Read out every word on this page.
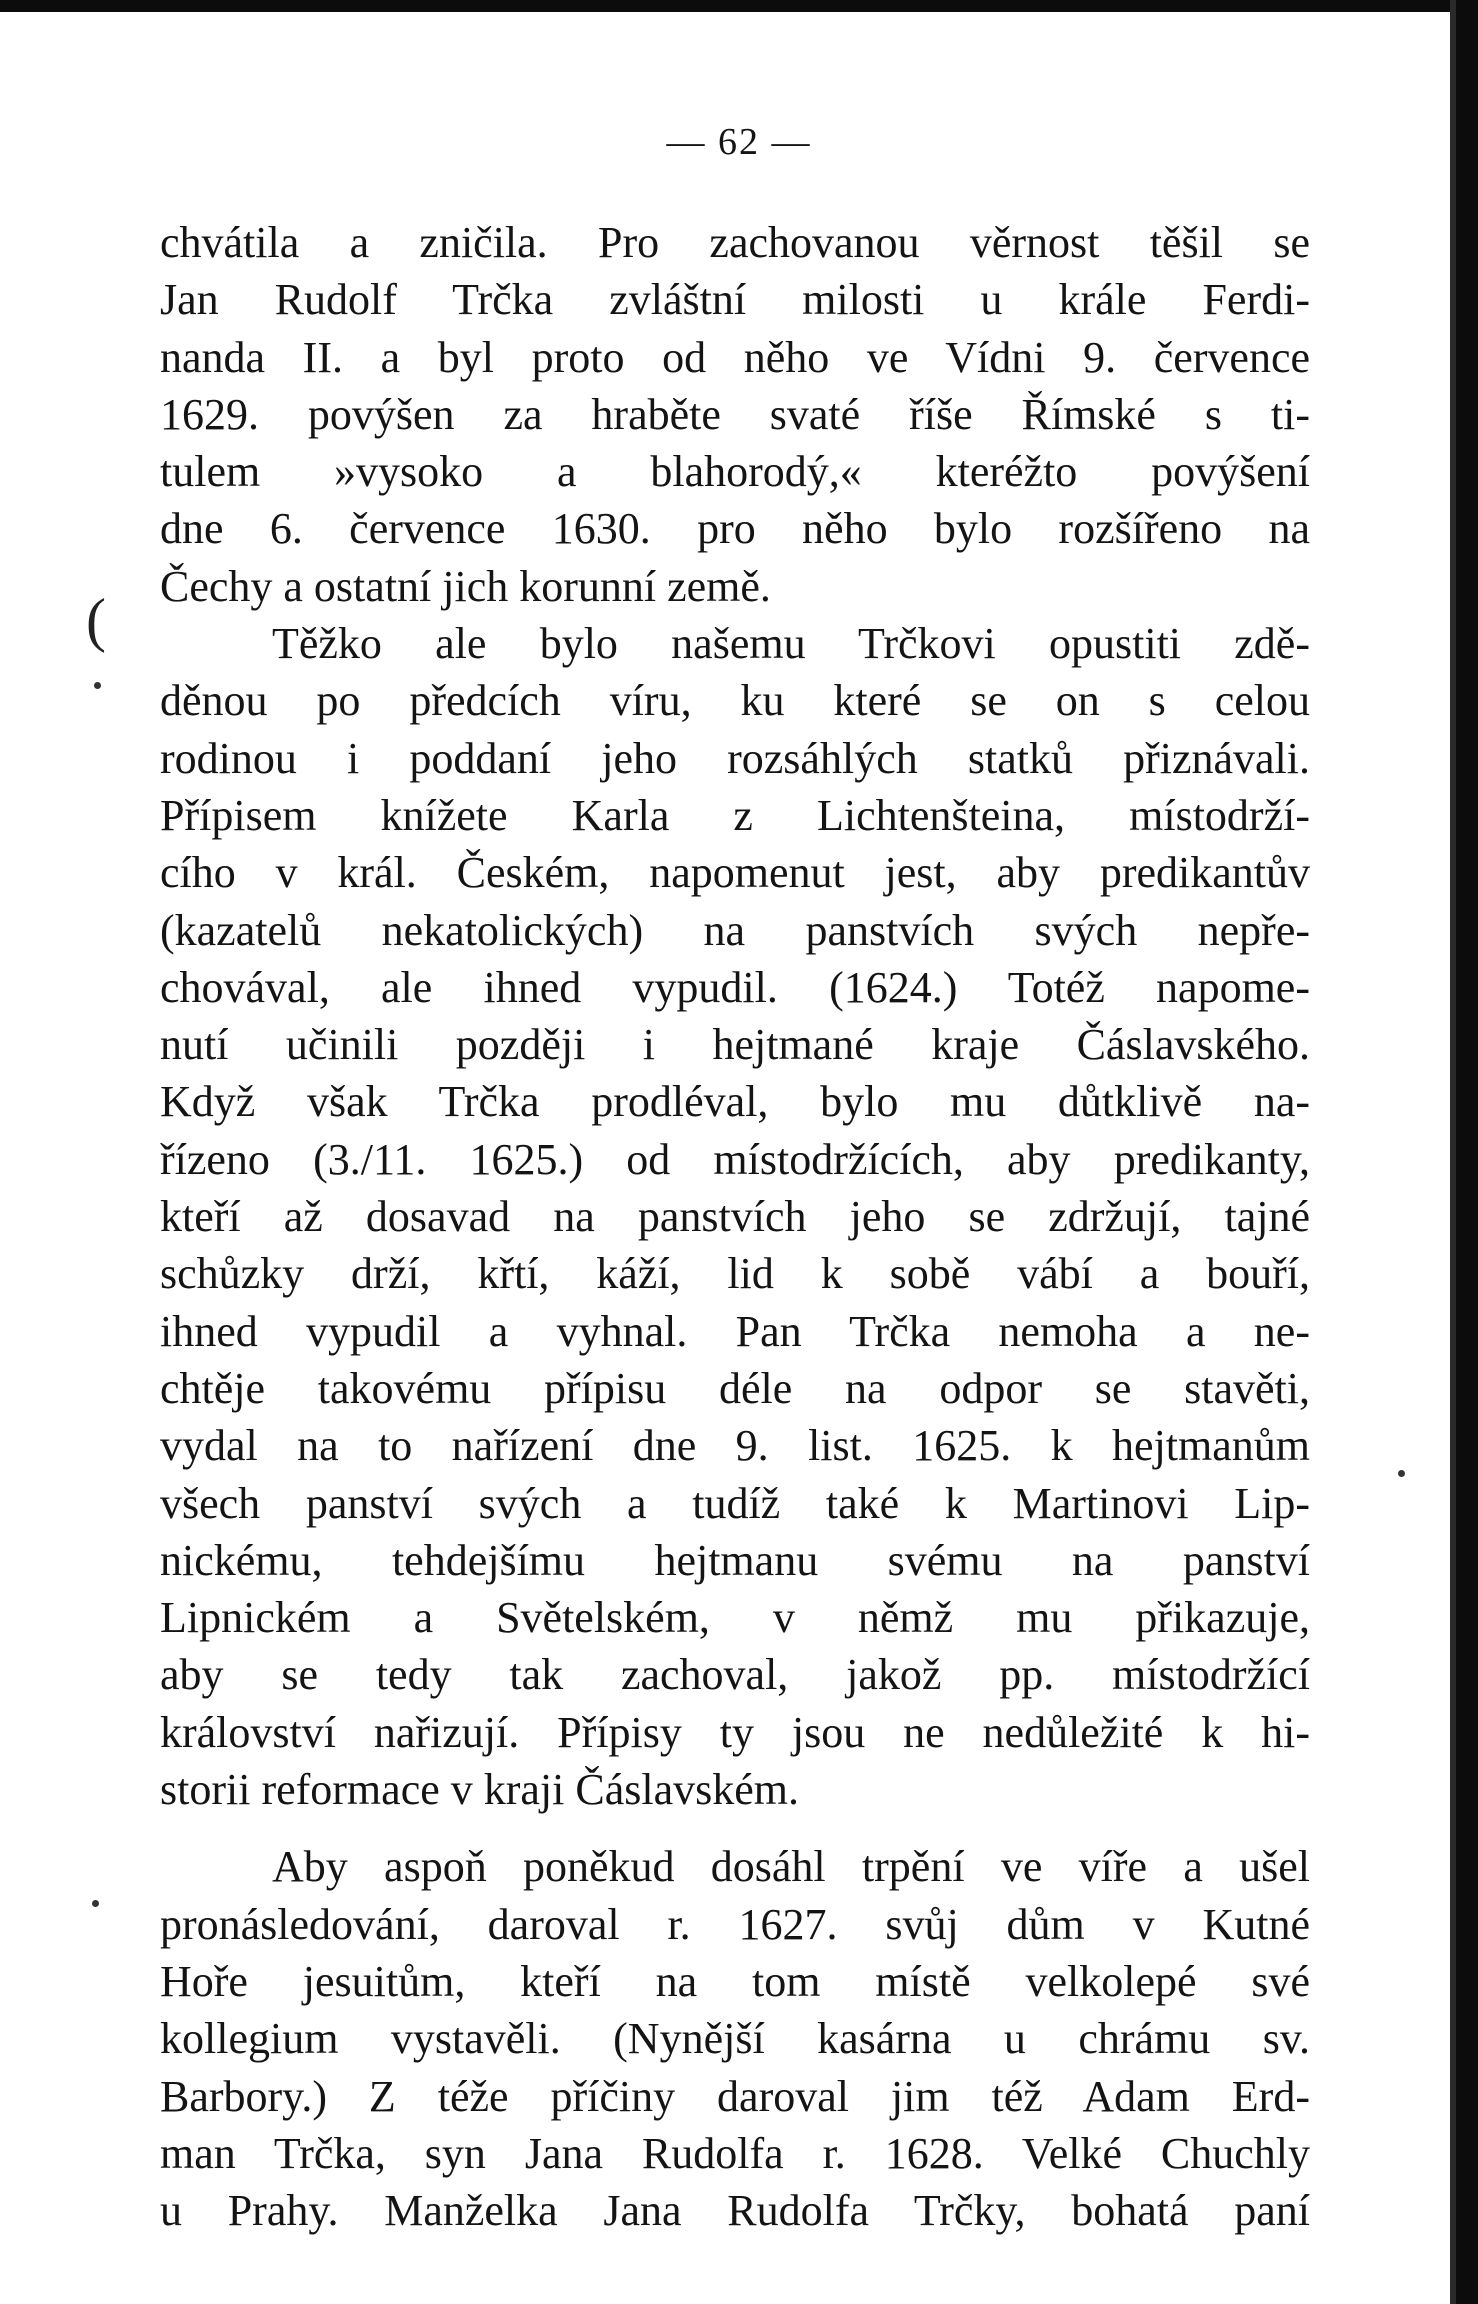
— 62 —
(
chvátila a zničila. Pro zachovanou věrnost těšil se
Jan Rudolf Trčka zvláštní milosti u krále Ferdi-
nanda II. a byl proto od něho ve Vídni 9. července
1629. povýšen za hraběte svaté říše Římské s ti-
tulem »vysoko a blahorodý,« kteréžto povýšení
dne 6. července 1630. pro něho bylo rozšířeno na
Čechy a ostatní jich korunní země.
Těžko ale bylo našemu Trčkovi opustiti zdě-
děnou po předcích víru, ku které se on s celou
rodinou i poddaní jeho rozsáhlých statků přiznávali.
Přípisem knížete Karla z Lichtenšteina, místodrží-
cího v král. Českém, napomenut jest, aby predikantův
(kazatelů nekatolických) na panstvích svých nepře-
chovával, ale ihned vypudil. (1624.) Totéž napome-
nutí učinili později i hejtmané kraje Čáslavského.
Když však Trčka prodléval, bylo mu důtklivě na-
řízeno (3./11. 1625.) od místodržících, aby predikanty,
kteří až dosavad na panstvích jeho se zdržují, tajné
schůzky drží, křtí, káží, lid k sobě vábí a bouří,
ihned vypudil a vyhnal. Pan Trčka nemoha a ne-
chtěje takovému přípisu déle na odpor se stavěti,
vydal na to nařízení dne 9. list. 1625. k hejtmanům
všech panství svých a tudíž také k Martinovi Lip-
nickému, tehdejšímu hejtmanu svému na panství
Lipnickém a Světelském, v němž mu přikazuje,
aby se tedy tak zachoval, jakož pp. místodržící
království nařizují. Přípisy ty jsou ne nedůležité k hi-
storii reformace v kraji Čáslavském.
Aby aspoň poněkud dosáhl trpění ve víře a ušel
pronásledování, daroval r. 1627. svůj dům v Kutné
Hoře jesuitům, kteří na tom místě velkolepé své
kollegium vystavěli. (Nynější kasárna u chrámu sv.
Barbory.) Z téže příčiny daroval jim též Adam Erd-
man Trčka, syn Jana Rudolfa r. 1628. Velké Chuchly
u Prahy. Manželka Jana Rudolfa Trčky, bohatá paní
